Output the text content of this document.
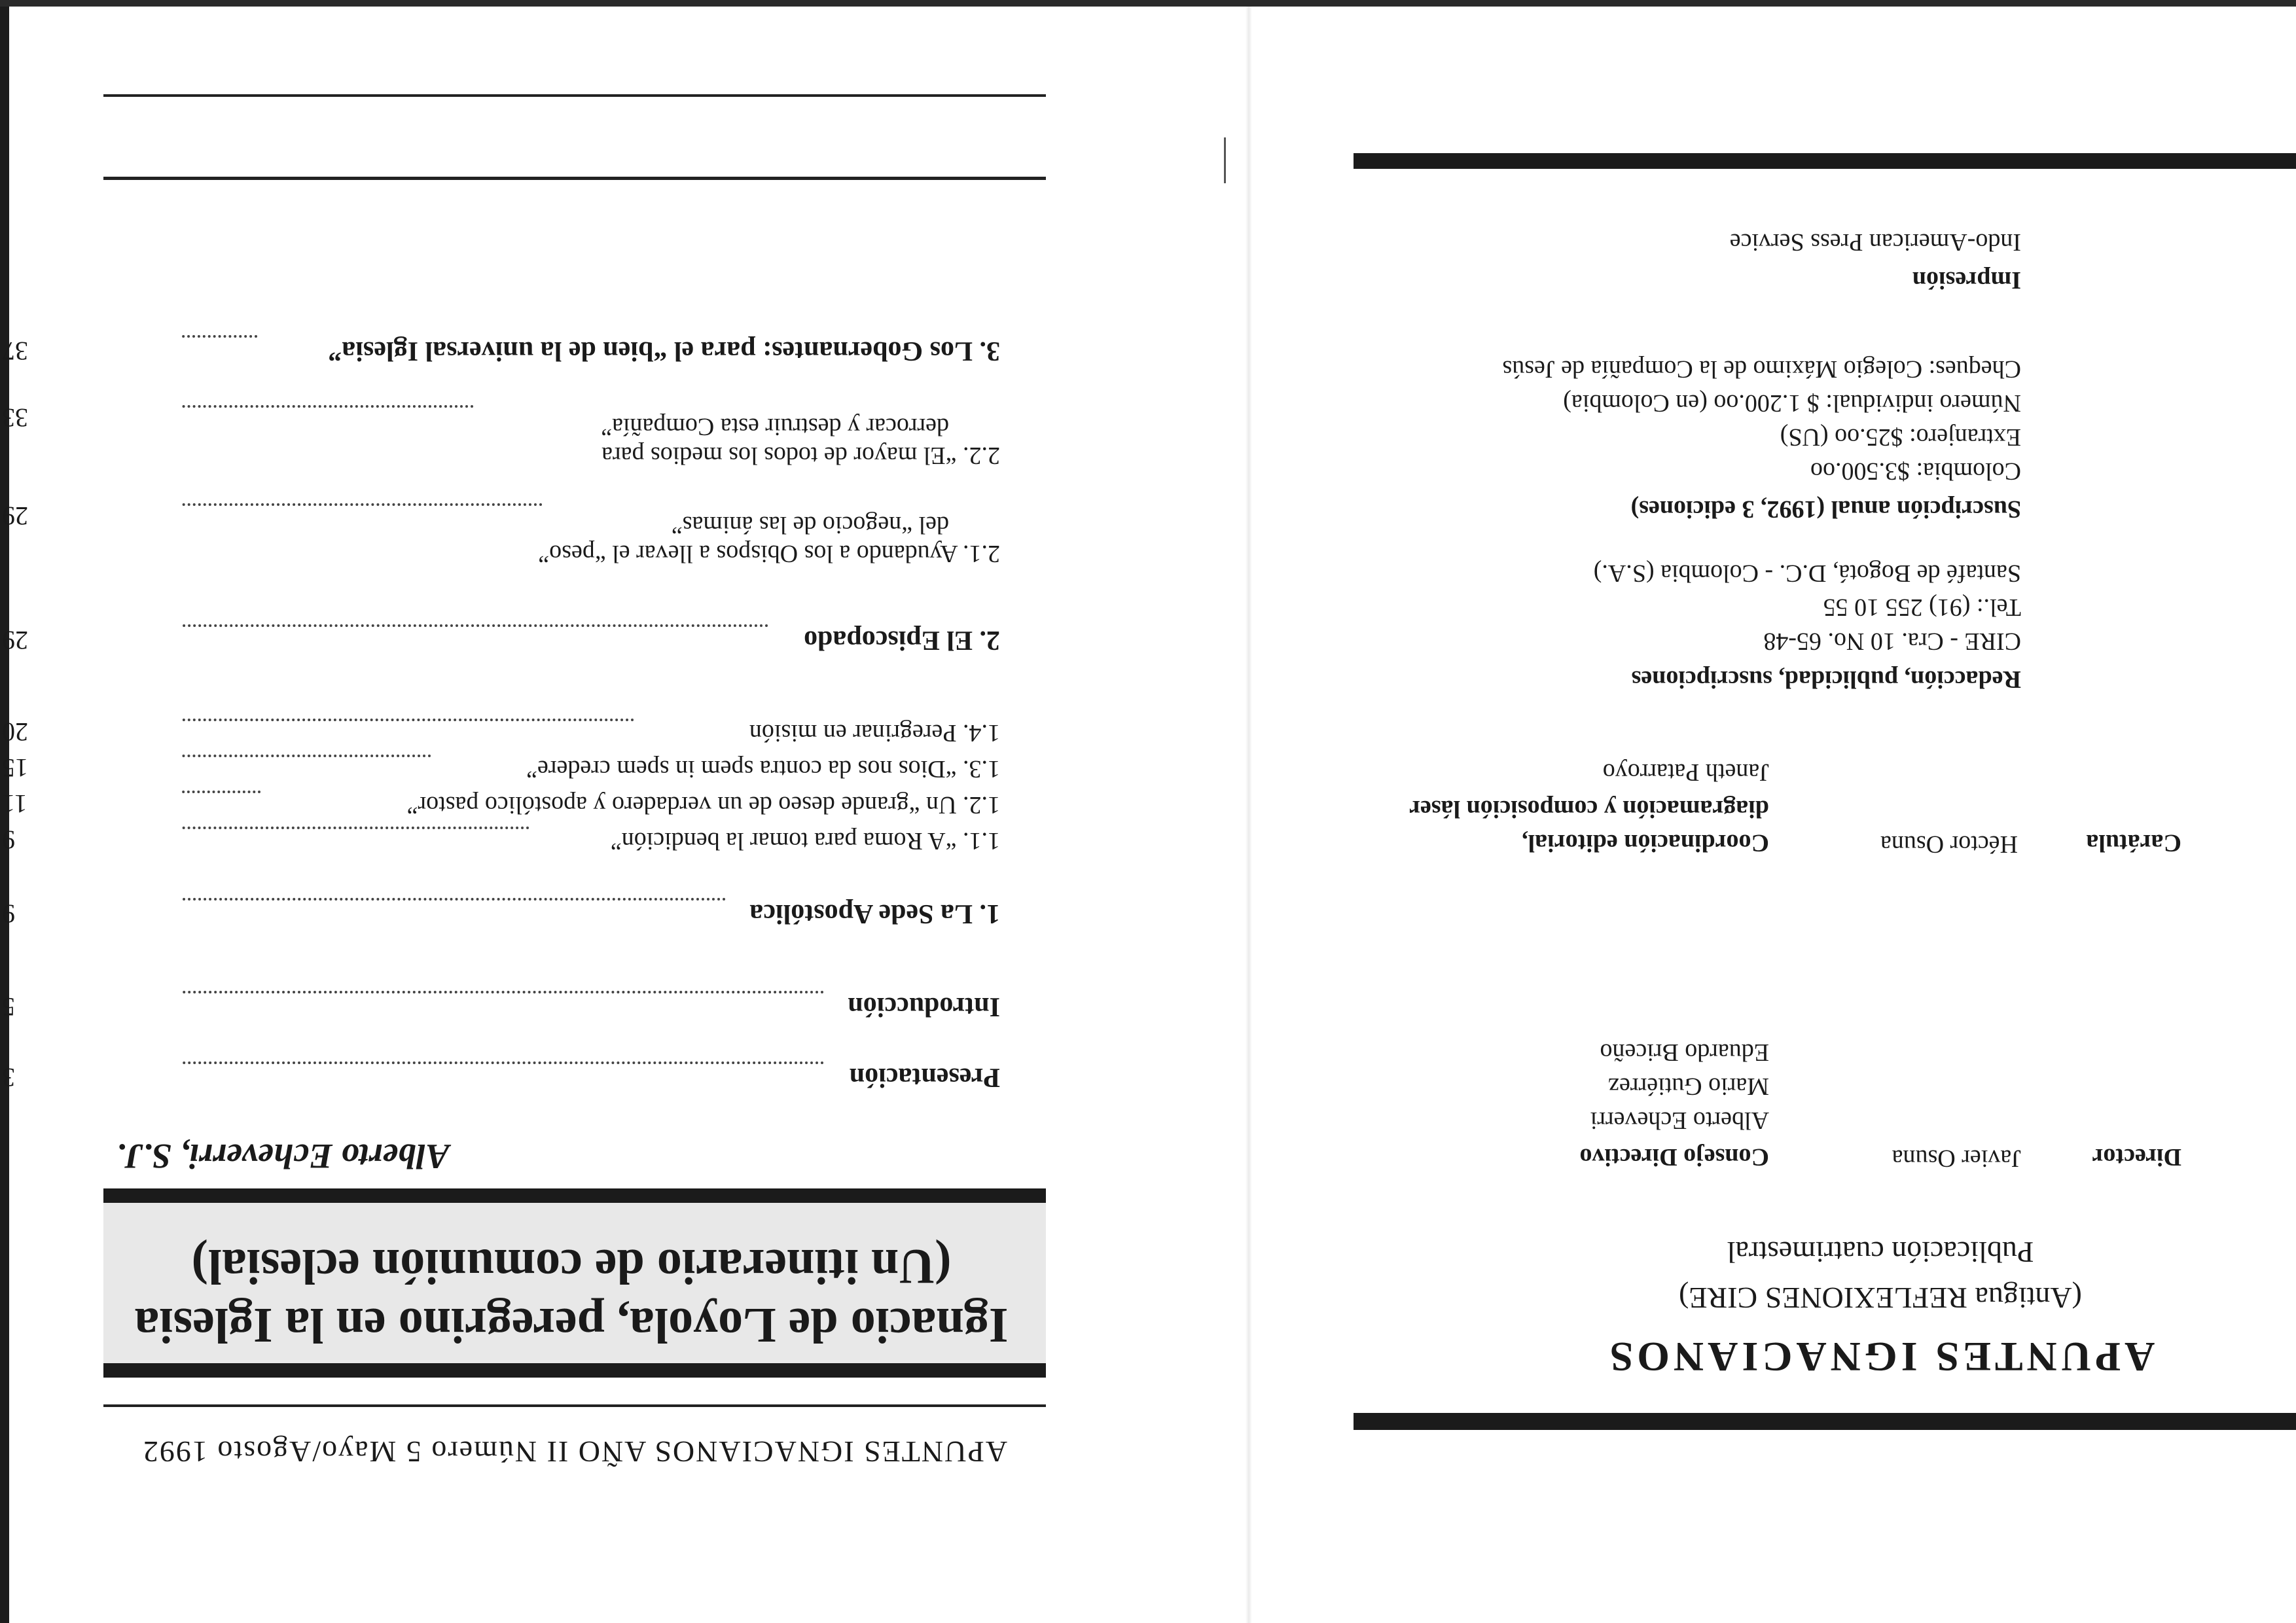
APUNTES IGNACIANOS
(Antigua REFLEXIONES CIRE)
Publicación cuatrimestral
Director
Javier Osuna
Consejo Directivo
Alberto Echeverri
Mario Gutiérrez
Eduardo Briceño
Carátula
Héctor Osuna
Coordinación editorial,
diagramación y composición láser
Janeth Patarroyo
Redacción, publicidad, suscripciones
CIRE - Cra. 10 No. 65-48
Tel.: (91) 255 10 55
Santafé de Bogotá, D.C. - Colombia (S.A.)
Suscripción anual (1992, 3 ediciones)
Colombia: $3.500.oo
Extranjero: $25.oo (US)
Número individual: $ 1.200.oo (en Colombia)
Cheques: Colegio Máximo de la Compañía de Jesús
Impresión
Indo-American Press Service
APUNTES IGNACIANOS AÑO II Número 5 Mayo/Agosto 1992
Ignacio de Loyola, peregrino en la Iglesia
(Un itinerario de comunión eclesial)
Alberto Echeverri, S.J.
Presentación
3
Introducción
5
1. La Sede Apostólica
9
1.1. “A Roma para tomar la bendición”
9
1.2. Un “grande deseo de un verdadero y apostólico pastor”
11
1.3. “Dios nos da contra spem in spem credere”
15
1.4. Peregrinar en misión
20
2. El Episcopado
29
2.1. Ayudando a los Obispos a llevar el “peso”
del “negocio de las ánimas”
29
2.2. “El mayor de todos los medios para
derrocar y destruir esta Compañía”
33
3. Los Gobernantes: para el “bien de la universal Iglesia”
37
